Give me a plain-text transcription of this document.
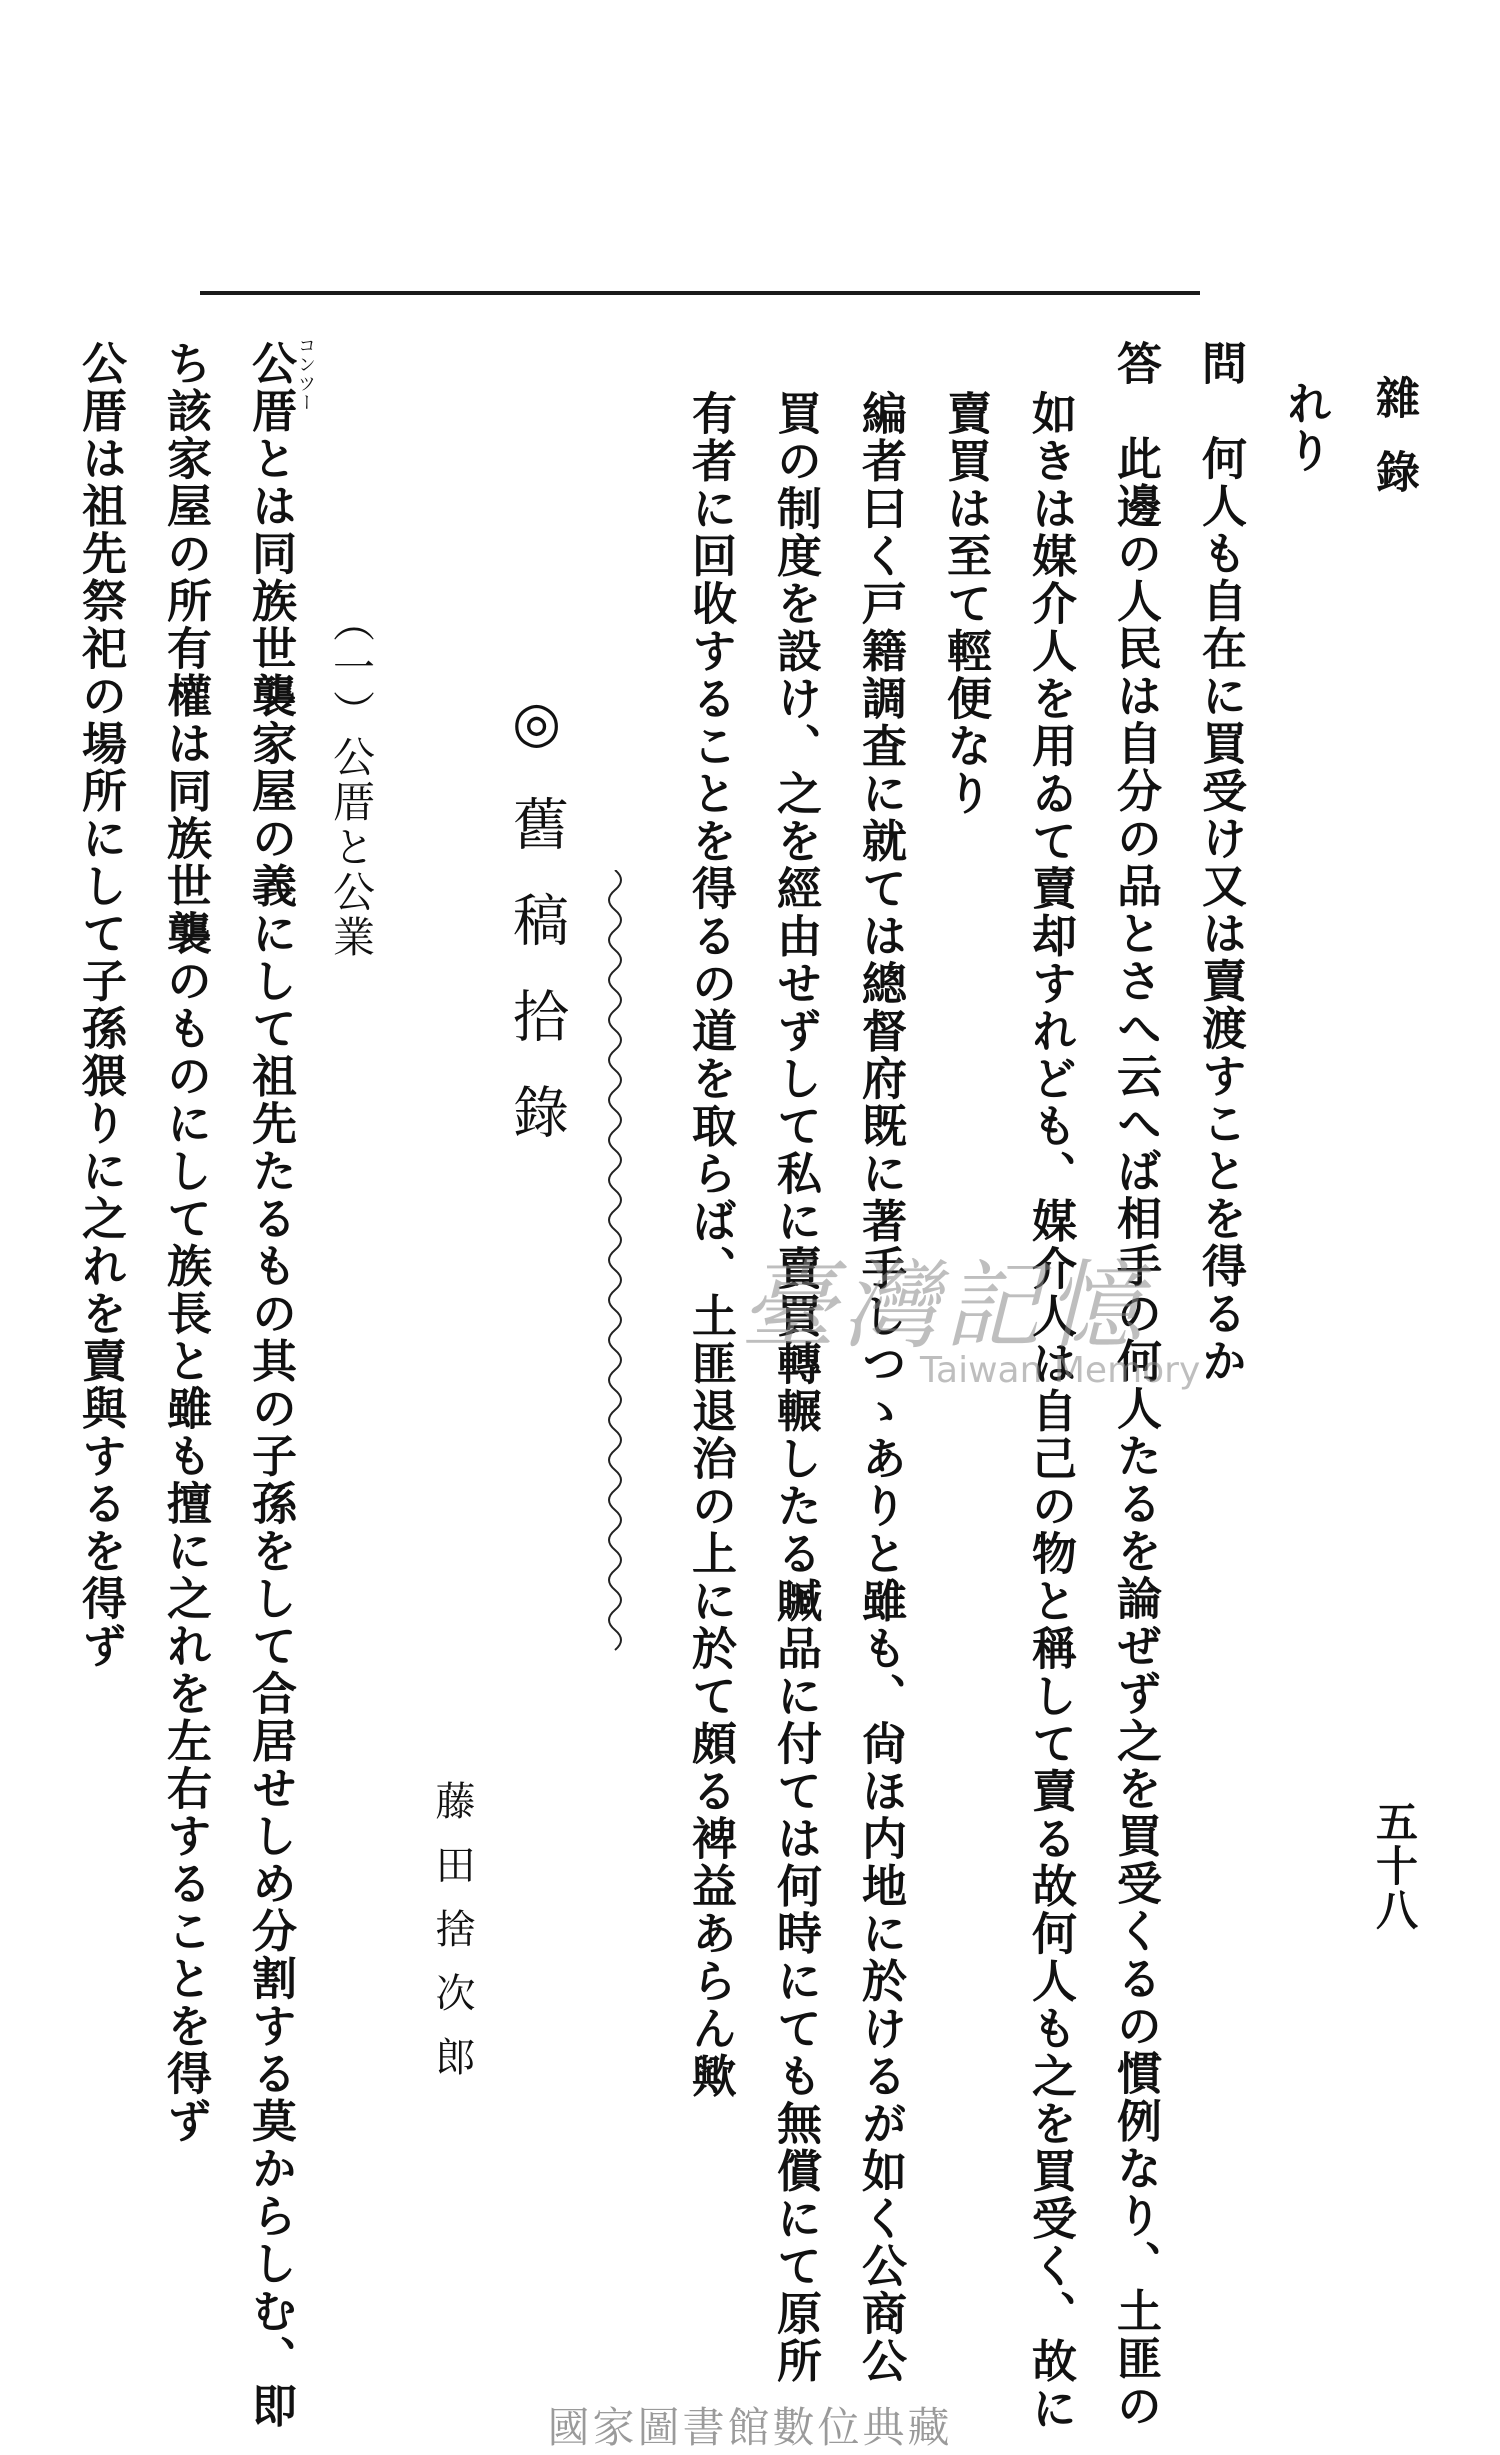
雜錄
五十八
れり
問　何人も自在に買受け又は賣渡すことを得るか
答　此邊の人民は自分の品とさへ云へば相手の何人たるを論ぜず之を買受くるの慣例なり、土匪の
如きは媒介人を用ゐて賣却すれども、媒介人は自己の物と稱して賣る故何人も之を買受く、故に
賣買は至て輕便なり
編者曰く戸籍調査に就ては總督府既に著手しつゝありと雖も、尙ほ内地に於けるが如く公商公
買の制度を設け、之を經由せずして私に賣買轉輾したる贓品に付ては何時にても無償にて原所
有者に回收することを得るの道を取らば、土匪退治の上に於て頗る裨益あらん歟
◎舊稿拾錄
藤田捨次郎
（一）公厝と公業
コンツー
公厝とは同族世襲家屋の義にして祖先たるもの其の子孫をして合居せしめ分割する莫からしむ、即
ち該家屋の所有權は同族世襲のものにして族長と雖も擅に之れを左右することを得ず
公厝は祖先祭祀の場所にして子孫猥りに之れを賣與するを得ず	臺灣記憶
Taiwan Memory
國家圖書館數位典藏
